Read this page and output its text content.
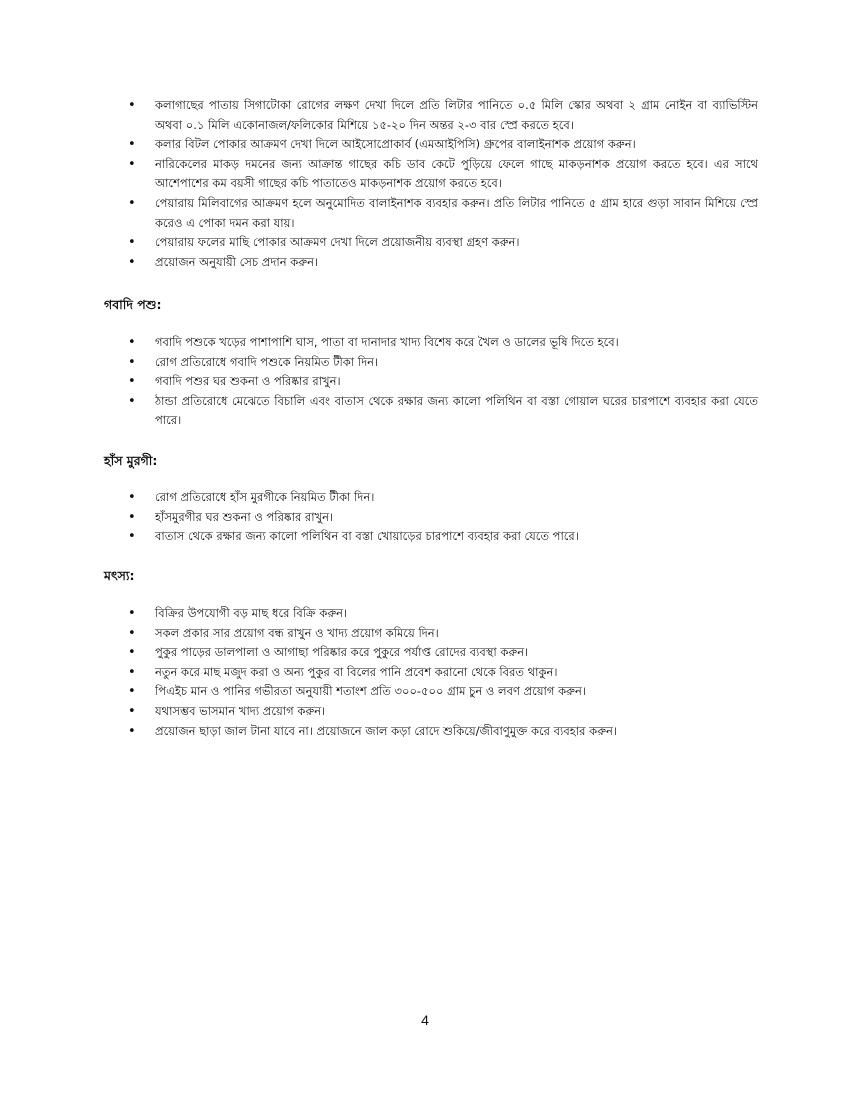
•	কলাগাছের পাতায় সিগাটোকা রোগের লক্ষণ দেখা দিলে প্রতি লিটার পানিতে ০.৫ মিলি স্কোর অথবা ২ গ্রাম নোইন বা ব্যাভিস্টিন অথবা ০.১ মিলি একোনাজল/ফলিকোর মিশিয়ে ১৫-২০ দিন অন্তর ২-৩ বার স্প্রে করতে হবে।
•	কলার বিটল পোকার আক্রমণ দেখা দিলে আইসোপ্রোকার্ব (এমআইপিসি) গ্রুপের বালাইনাশক প্রয়োগ করুন।
•	নারিকেলের মাকড় দমনের জন্য আক্রান্ত গাছের কচি ডাব কেটে পুড়িয়ে ফেলে গাছে মাকড়নাশক প্রয়োগ করতে হবে। এর সাথে আশেপাশের কম বয়সী গাছের কচি পাতাতেও মাকড়নাশক প্রয়োগ করতে হবে।
•	পেয়ারায় মিলিবাগের আক্রমণ হলে অনুমোদিত বালাইনাশক ব্যবহার করুন। প্রতি লিটার পানিতে ৫ গ্রাম হারে গুড়া সাবান মিশিয়ে স্প্রে করেও এ পোকা দমন করা যায়।
•	পেয়ারায় ফলের মাছি পোকার আক্রমণ দেখা দিলে প্রয়োজনীয় ব্যবস্থা গ্রহণ করুন।
•	প্রয়োজন অনুযায়ী সেচ প্রদান করুন।
গবাদি পশু:
•	গবাদি পশুকে খড়ের পাশাপাশি ঘাস, পাতা বা দানাদার খাদ্য বিশেষ করে খৈল ও ডালের ভূষি দিতে হবে।
•	রোগ প্রতিরোধে গবাদি পশুকে নিয়মিত টীকা দিন।
•	গবাদি পশুর ঘর শুকনা ও পরিষ্কার রাখুন।
•	ঠান্ডা প্রতিরোধে মেঝেতে বিচালি এবং বাতাস থেকে রক্ষার জন্য কালো পলিথিন বা বস্তা গোয়াল ঘরের চারপাশে ব্যবহার করা যেতে পারে।
হাঁস মুরগী:
•	রোগ প্রতিরোধে হাঁস মুরগীকে নিয়মিত টীকা দিন।
•	হাঁসমুরগীর ঘর শুকনা ও পরিষ্কার রাখুন।
•	বাতাস থেকে রক্ষার জন্য কালো পলিথিন বা বস্তা খোয়াড়ের চারপাশে ব্যবহার করা যেতে পারে।
মৎস্য:
•	বিক্রির উপযোগী বড় মাছ ধরে বিক্রি করুন।
•	সকল প্রকার সার প্রয়োগ বন্ধ রাখুন ও খাদ্য প্রয়োগ কমিয়ে দিন।
•	পুকুর পাড়ের ডালপালা ও আগাছা পরিষ্কার করে পুকুরে পর্যাপ্ত রোদের ব্যবস্থা করুন।
•	নতুন করে মাছ মজুদ করা ও অন্য পুকুর বা বিলের পানি প্রবেশ করানো থেকে বিরত থাকুন।
•	পিএইচ মান ও পানির গভীরতা অনুযায়ী শতাংশ প্রতি ৩০০-৫০০ গ্রাম চুন ও লবণ প্রয়োগ করুন।
•	যথাসম্ভব ভাসমান খাদ্য প্রয়োগ করুন।
•	প্রয়োজন ছাড়া জাল টানা যাবে না। প্রয়োজনে জাল কড়া রোদে শুকিয়ে/জীবাণুমুক্ত করে ব্যবহার করুন।
4
